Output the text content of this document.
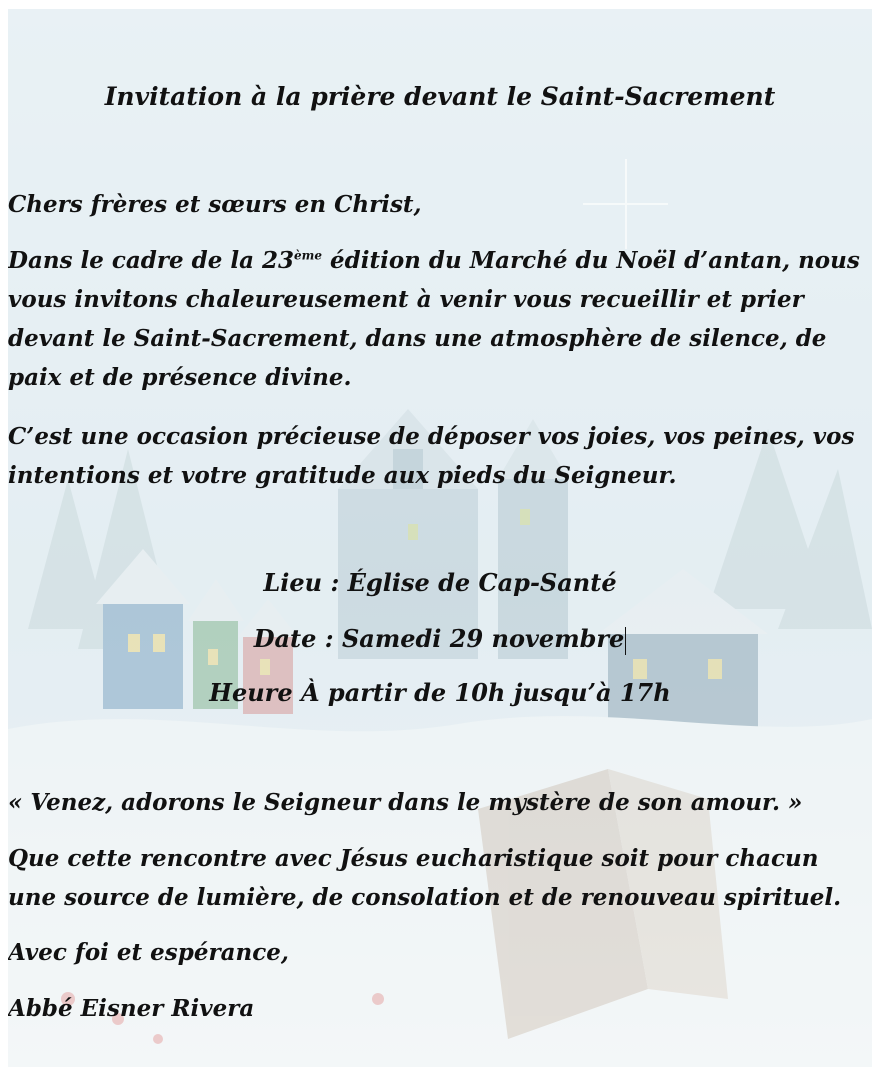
Invitation à la prière devant le Saint-Sacrement

Chers frères et sœurs en Christ,

Dans le cadre de la 23ème édition du Marché du Noël d’antan, nous vous invitons chaleureusement à venir vous recueillir et prier devant le Saint-Sacrement, dans une atmosphère de silence, de paix et de présence divine.

C’est une occasion précieuse de déposer vos joies, vos peines, vos intentions et votre gratitude aux pieds du Seigneur.

Lieu : Église de Cap-Santé

Date : Samedi 29 novembre

Heure À partir de 10h jusqu’à 17h

« Venez, adorons le Seigneur dans le mystère de son amour. »

Que cette rencontre avec Jésus eucharistique soit pour chacun une source de lumière, de consolation et de renouveau spirituel.

Avec foi et espérance,

Abbé Eisner Rivera
